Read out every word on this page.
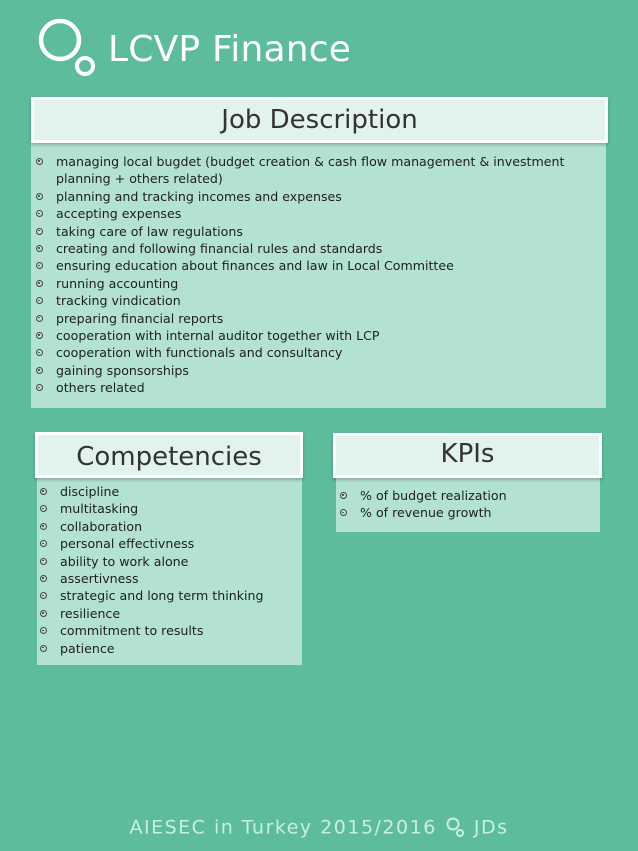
LCVP Finance
Job Description
managing local bugdet (budget creation & cash flow management & investment planning + others related)
planning and tracking incomes and expenses
accepting expenses
taking care of law regulations
creating and following financial rules and standards
ensuring education about finances and law in Local Committee
running accounting
tracking vindication
preparing financial reports
cooperation with internal auditor together with LCP
cooperation with functionals and consultancy
gaining sponsorships
others related
Competencies
discipline
multitasking
collaboration
personal effectivness
ability to work alone
assertivness
strategic and long term thinking
resilience
commitment to results
patience
KPIs
% of budget realization
% of revenue growth
AIESEC in Turkey 2015/2016 JDs
